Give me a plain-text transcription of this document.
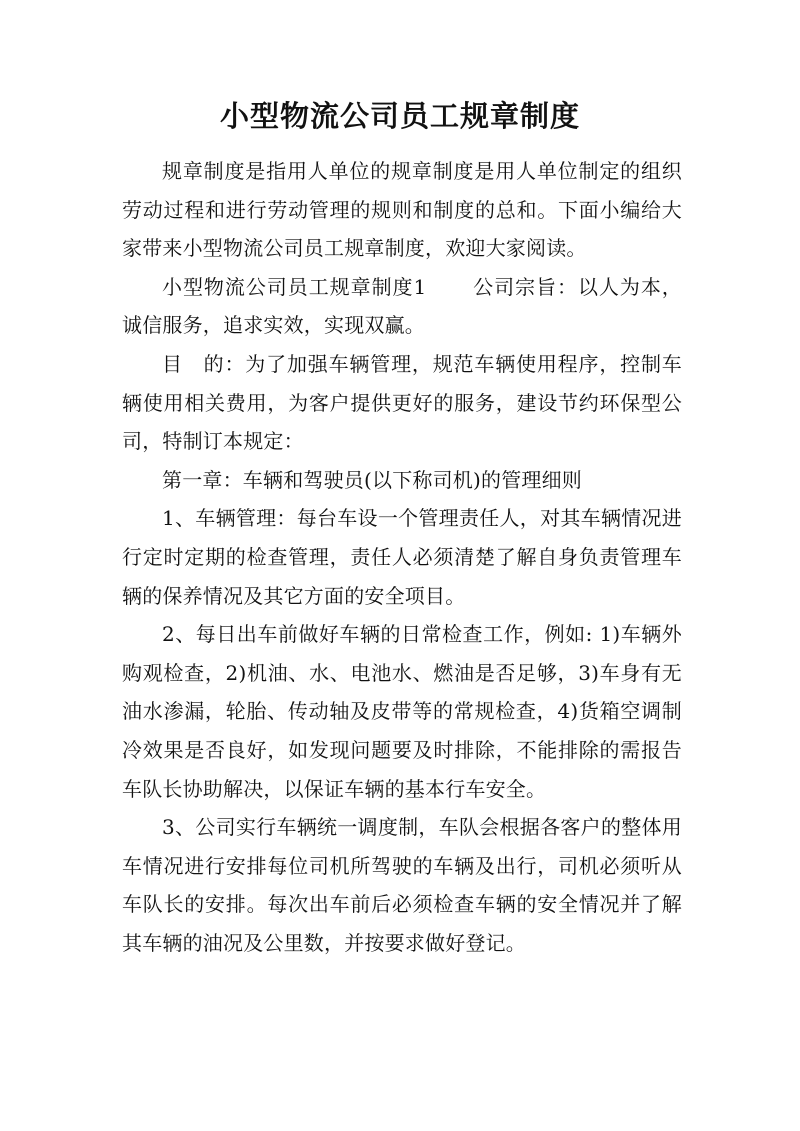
小型物流公司员工规章制度

规章制度是指用人单位的规章制度是用人单位制定的组织劳动过程和进行劳动管理的规则和制度的总和。下面小编给大家带来小型物流公司员工规章制度，欢迎大家阅读。

小型物流公司员工规章制度1 公司宗旨：以人为本，诚信服务，追求实效，实现双赢。

目　的：为了加强车辆管理，规范车辆使用程序，控制车辆使用相关费用，为客户提供更好的服务，建设节约环保型公司，特制订本规定：

第一章：车辆和驾驶员(以下称司机)的管理细则

1、车辆管理：每台车设一个管理责任人，对其车辆情况进行定时定期的检查管理，责任人必须清楚了解自身负责管理车辆的保养情况及其它方面的安全项目。

2、每日出车前做好车辆的日常检查工作，例如: 1)车辆外购观检查，2)机油、水、电池水、燃油是否足够，3)车身有无油水渗漏，轮胎、传动轴及皮带等的常规检查，4)货箱空调制冷效果是否良好，如发现问题要及时排除，不能排除的需报告车队长协助解决，以保证车辆的基本行车安全。

3、公司实行车辆统一调度制，车队会根据各客户的整体用车情况进行安排每位司机所驾驶的车辆及出行，司机必须听从车队长的安排。每次出车前后必须检查车辆的安全情况并了解其车辆的油况及公里数，并按要求做好登记。
